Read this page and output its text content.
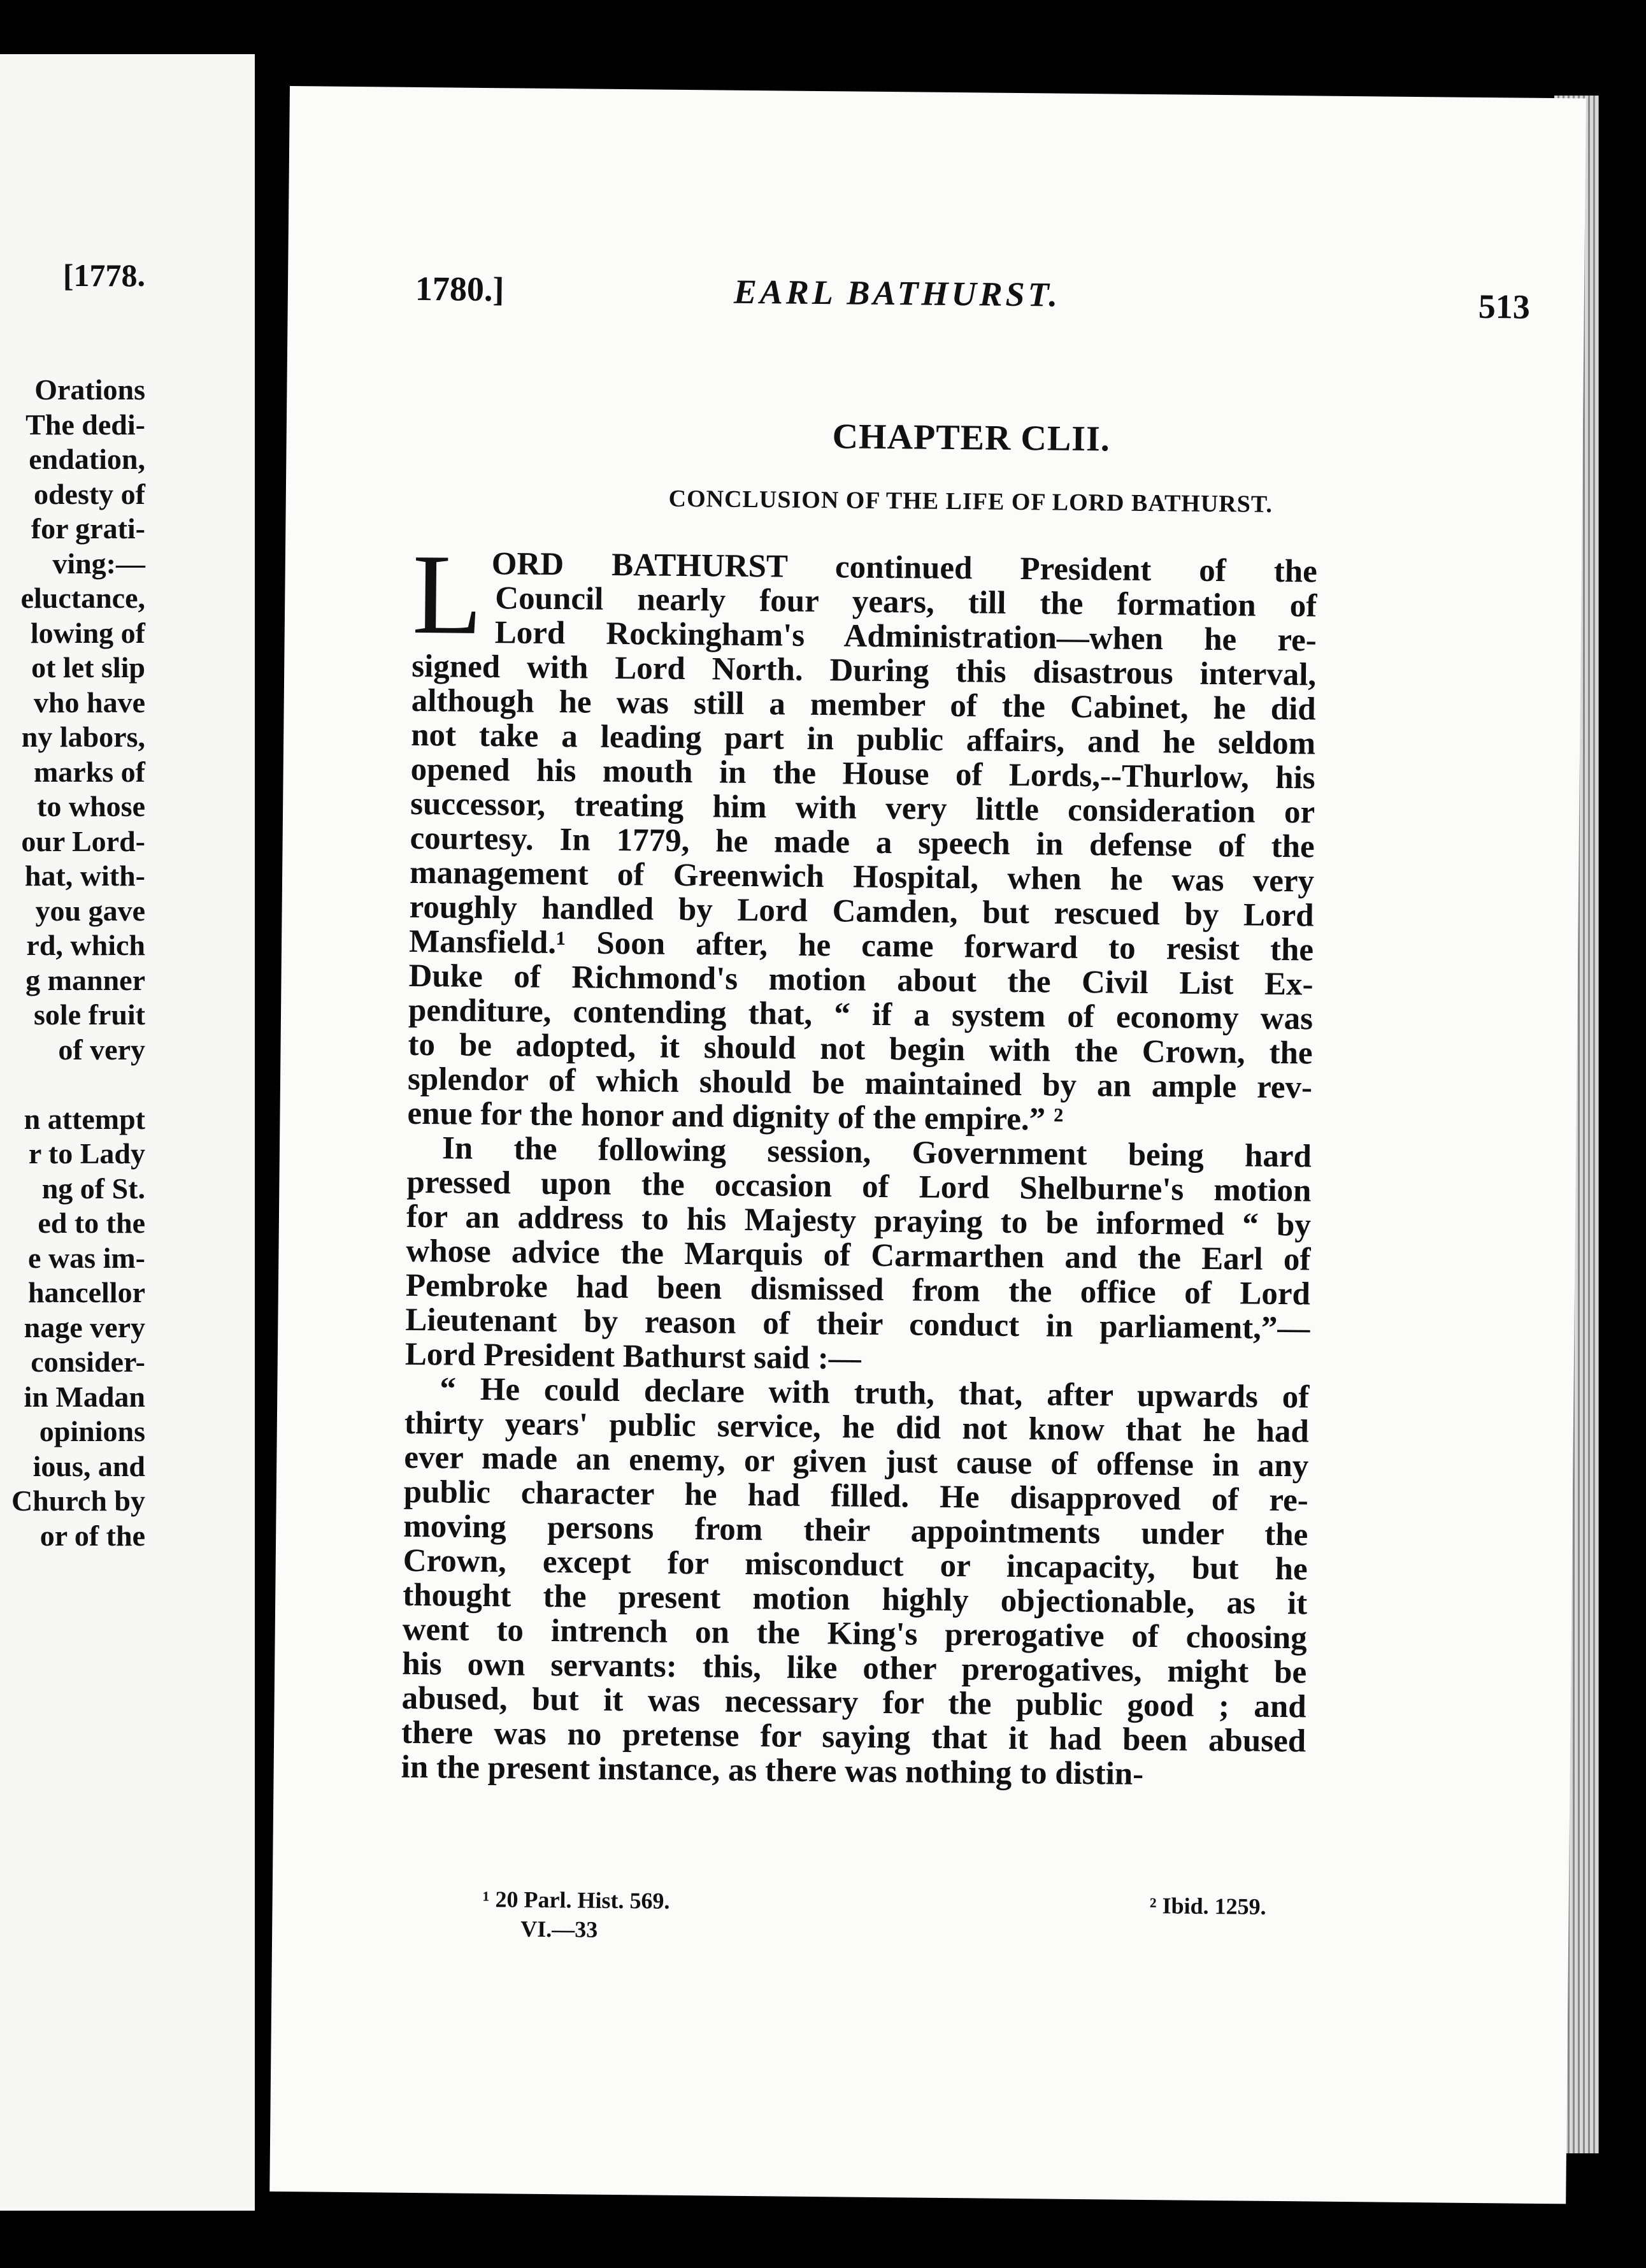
[1778.
Orations
The dedi-
endation,
odesty of
for grati-
ving:—
eluctance,
lowing of
ot let slip
vho have
ny labors,
marks of
to whose
our Lord-
hat, with-
you gave
rd, which
g manner
sole fruit
of very
n attempt
r to Lady
ng of St.
ed to the
e was im-
hancellor
nage very
consider-
in Madan
opinions
ious, and
Church by
or of the
1780.]	EARL BATHURST.	513
CHAPTER CLII.
CONCLUSION OF THE LIFE OF LORD BATHURST.
L ORD BATHURST continued President of the
Council nearly four years, till the formation of
Lord Rockingham's Administration—when he re-
signed with Lord North. During this disastrous interval,
although he was still a member of the Cabinet, he did
not take a leading part in public affairs, and he seldom
opened his mouth in the House of Lords,--Thurlow, his
successor, treating him with very little consideration or
courtesy. In 1779, he made a speech in defense of the
management of Greenwich Hospital, when he was very
roughly handled by Lord Camden, but rescued by Lord
Mansfield.¹ Soon after, he came forward to resist the
Duke of Richmond's motion about the Civil List Ex-
penditure, contending that, “ if a system of economy was
to be adopted, it should not begin with the Crown, the
splendor of which should be maintained by an ample rev-
enue for the honor and dignity of the empire.” ²
In the following session, Government being hard
pressed upon the occasion of Lord Shelburne's motion
for an address to his Majesty praying to be informed “ by
whose advice the Marquis of Carmarthen and the Earl of
Pembroke had been dismissed from the office of Lord
Lieutenant by reason of their conduct in parliament,”—
Lord President Bathurst said :—
“ He could declare with truth, that, after upwards of
thirty years' public service, he did not know that he had
ever made an enemy, or given just cause of offense in any
public character he had filled. He disapproved of re-
moving persons from their appointments under the
Crown, except for misconduct or incapacity, but he
thought the present motion highly objectionable, as it
went to intrench on the King's prerogative of choosing
his own servants: this, like other prerogatives, might be
abused, but it was necessary for the public good ; and
there was no pretense for saying that it had been abused
in the present instance, as there was nothing to distin-
¹ 20 Parl. Hist. 569.	² Ibid. 1259.
VI.—33
